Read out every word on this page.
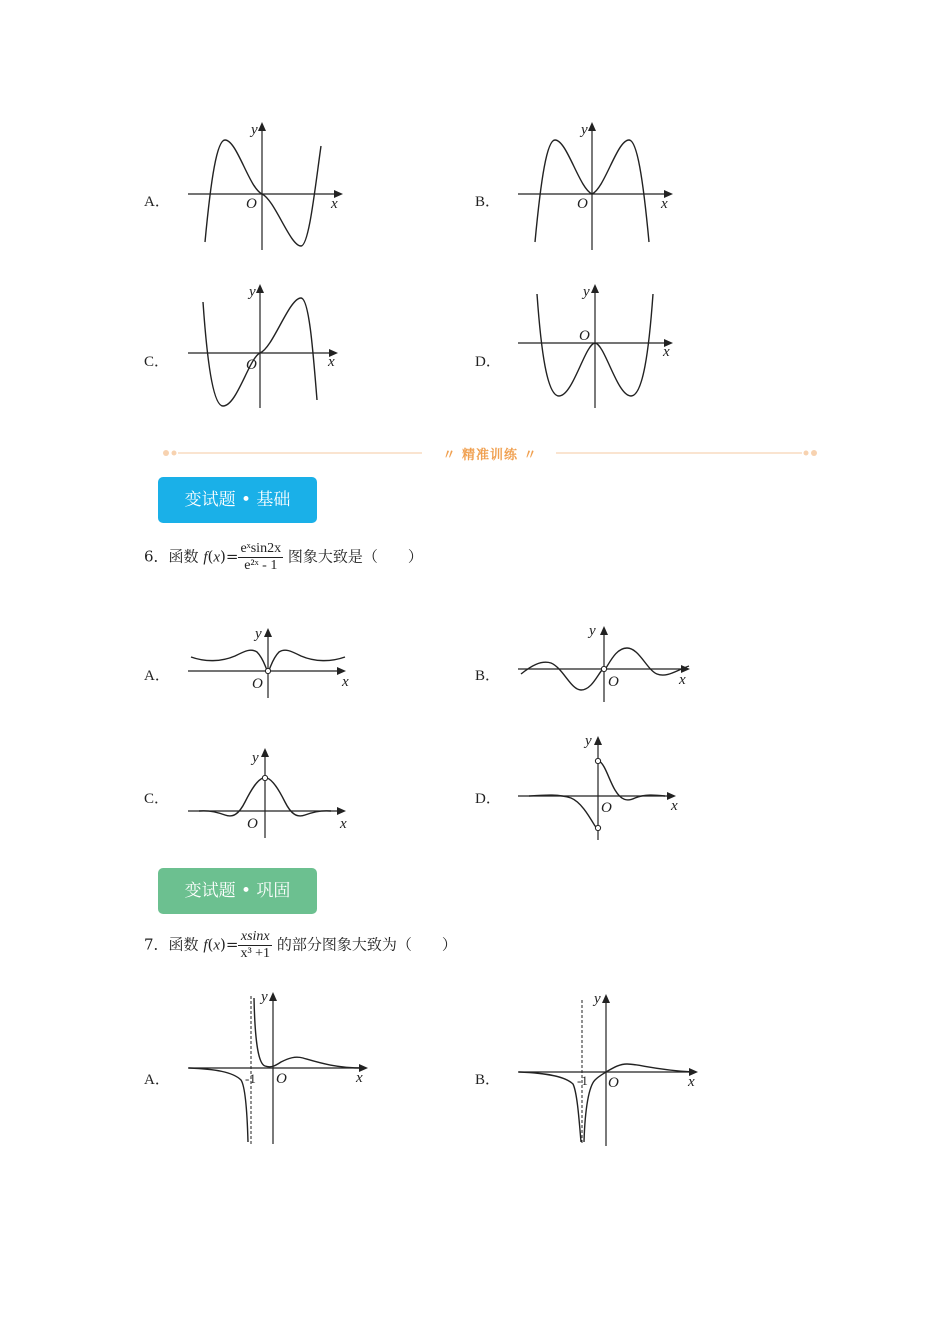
A．	x
y
O	B．	x
y
O
C．	x
y
O	D．
x
y
O
〃 精准训练 〃
变试题 • 基础
6．函数 $f(x)= \frac{\text{eˣsin2x}}{\text{e²ˣ - 1}}$ 图象大致是（　　）
A．	x
y
O	B．	x
y
O
C．
x
y
O
D．	x
y
O
变试题 • 巩固
7．函数 $f(x)= \frac{xsinx}{\text{x³ +1}}$ 的部分图象大致为（　　）
A．	x
y
O
-1	B．	x
y
O
-1
